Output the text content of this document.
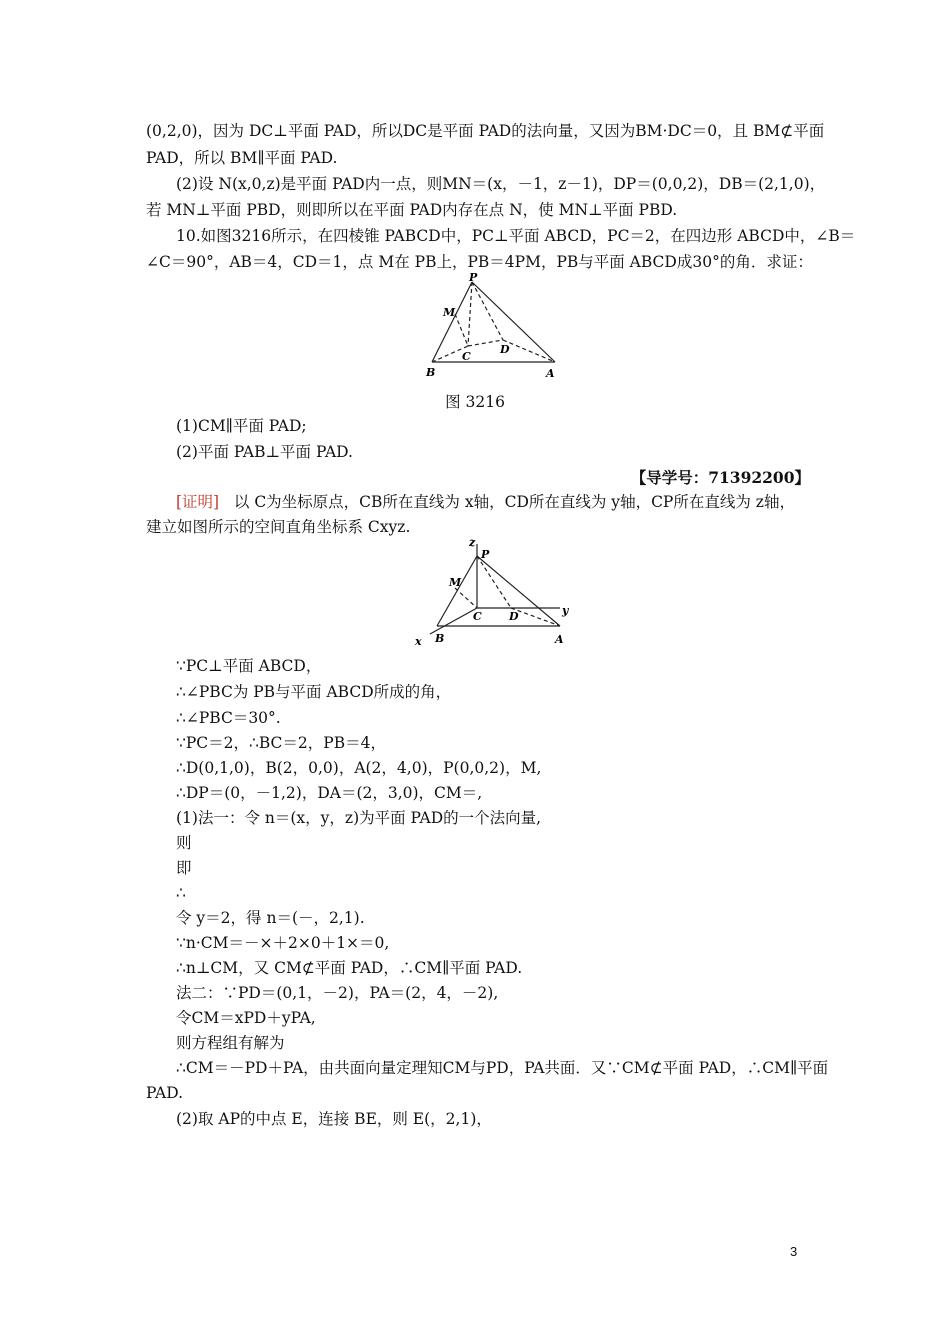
(0,2,0)，因为 DC⊥平面 PAD，所以DC是平面 PAD的法向量，又因为BM·DC＝0，且 BM⊄平面
PAD，所以 BM∥平面 PAD.
(2)设 N(x,0,z)是平面 PAD内一点，则MN＝(x，－1，z－1)，DP＝(0,0,2)，DB＝(2,1,0)，
若 MN⊥平面 PBD，则即所以在平面 PAD内存在点 N，使 MN⊥平面 PBD.
10.如图3216所示，在四棱锥 PABCD中，PC⊥平面 ABCD，PC＝2，在四边形 ABCD中，∠B＝
∠C＝90°，AB＝4，CD＝1，点 M在 PB上，PB＝4PM，PB与平面 ABCD成30°的角．求证：
P
M
C
D
B	A
图 3216
(1)CM∥平面 PAD;
(2)平面 PAB⊥平面 PAD.
【导学号：71392200】
[证明] 以 C为坐标原点，CB所在直线为 x轴，CD所在直线为 y轴，CP所在直线为 z轴，
建立如图所示的空间直角坐标系 Cxyz.
z
P
M
C D	y
x B	A
∵PC⊥平面 ABCD，
∴∠PBC为 PB与平面 ABCD所成的角，
∴∠PBC＝30°.
∵PC＝2，∴BC＝2，PB＝4，
∴D(0,1,0)，B(2，0,0)，A(2，4,0)，P(0,0,2)，M,
∴DP＝(0，－1,2)，DA＝(2，3,0)，CM＝,
(1)法一：令 n＝(x，y，z)为平面 PAD的一个法向量,
则
即
∴
令 y＝2，得 n＝(－，2,1).
∵n·CM＝－×＋2×0＋1×＝0,
∴n⊥CM，又 CM⊄平面 PAD，∴CM∥平面 PAD.
法二：∵PD＝(0,1，－2)，PA＝(2，4，－2),
令CM＝xPD＋yPA,
则方程组有解为
∴CM＝－PD＋PA，由共面向量定理知CM与PD，PA共面．又∵CM⊄平面 PAD，∴CM∥平面
PAD.
(2)取 AP的中点 E，连接 BE，则 E(，2,1)，
3
